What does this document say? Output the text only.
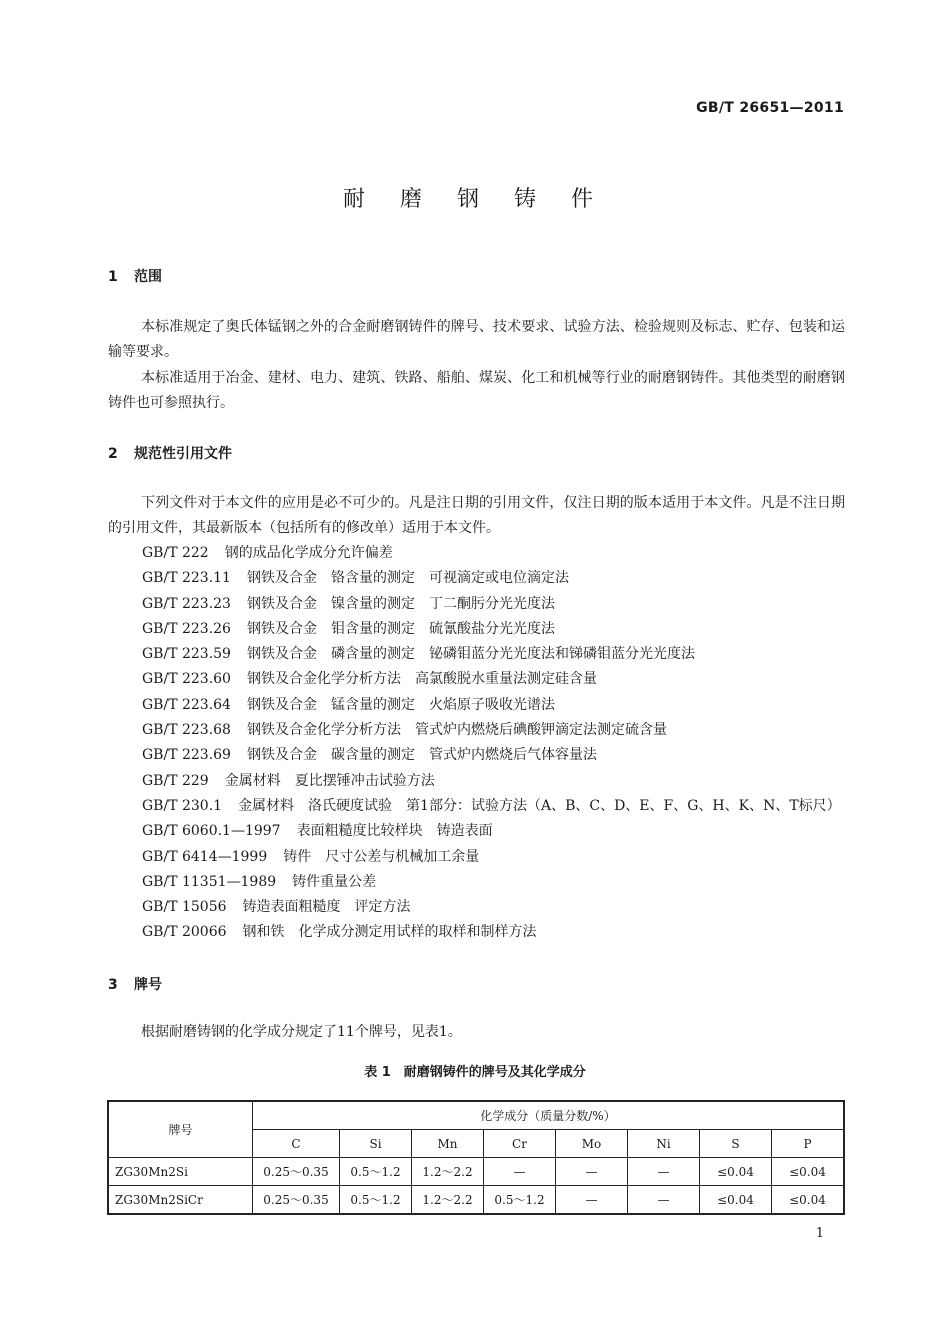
GB/T 26651—2011
耐 磨 钢 铸 件
1 范围
本标准规定了奥氏体锰钢之外的合金耐磨钢铸件的牌号、技术要求、试验方法、检验规则及标志、贮存、包装和运输等要求。
本标准适用于冶金、建材、电力、建筑、铁路、船舶、煤炭、化工和机械等行业的耐磨钢铸件。其他类型的耐磨钢铸件也可参照执行。
2 规范性引用文件
下列文件对于本文件的应用是必不可少的。凡是注日期的引用文件，仅注日期的版本适用于本文件。凡是不注日期的引用文件，其最新版本（包括所有的修改单）适用于本文件。
GB/T 222 钢的成品化学成分允许偏差
GB/T 223.11 钢铁及合金　铬含量的测定　可视滴定或电位滴定法
GB/T 223.23 钢铁及合金　镍含量的测定　丁二酮肟分光光度法
GB/T 223.26 钢铁及合金　钼含量的测定　硫氰酸盐分光光度法
GB/T 223.59 钢铁及合金　磷含量的测定　铋磷钼蓝分光光度法和锑磷钼蓝分光光度法
GB/T 223.60 钢铁及合金化学分析方法　高氯酸脱水重量法测定硅含量
GB/T 223.64 钢铁及合金　锰含量的测定　火焰原子吸收光谱法
GB/T 223.68 钢铁及合金化学分析方法　管式炉内燃烧后碘酸钾滴定法测定硫含量
GB/T 223.69 钢铁及合金　碳含量的测定　管式炉内燃烧后气体容量法
GB/T 229 金属材料　夏比摆锤冲击试验方法
GB/T 230.1 金属材料　洛氏硬度试验　第1部分：试验方法（A、B、C、D、E、F、G、H、K、N、T标尺）
GB/T 6060.1—1997 表面粗糙度比较样块　铸造表面
GB/T 6414—1999 铸件　尺寸公差与机械加工余量
GB/T 11351—1989 铸件重量公差
GB/T 15056 铸造表面粗糙度　评定方法
GB/T 20066 钢和铁　化学成分测定用试样的取样和制样方法
3 牌号
根据耐磨铸钢的化学成分规定了11个牌号，见表1。
表 1　耐磨钢铸件的牌号及其化学成分
牌号	化学成分（质量分数/%）							
	C	Si	Mn	Cr	Mo	Ni	S	P
ZG30Mn2Si	0.25～0.35	0.5～1.2	1.2～2.2	—	—	—	≤0.04	≤0.04
ZG30Mn2SiCr	0.25～0.35	0.5～1.2	1.2～2.2	0.5～1.2	—	—	≤0.04	≤0.04
1
